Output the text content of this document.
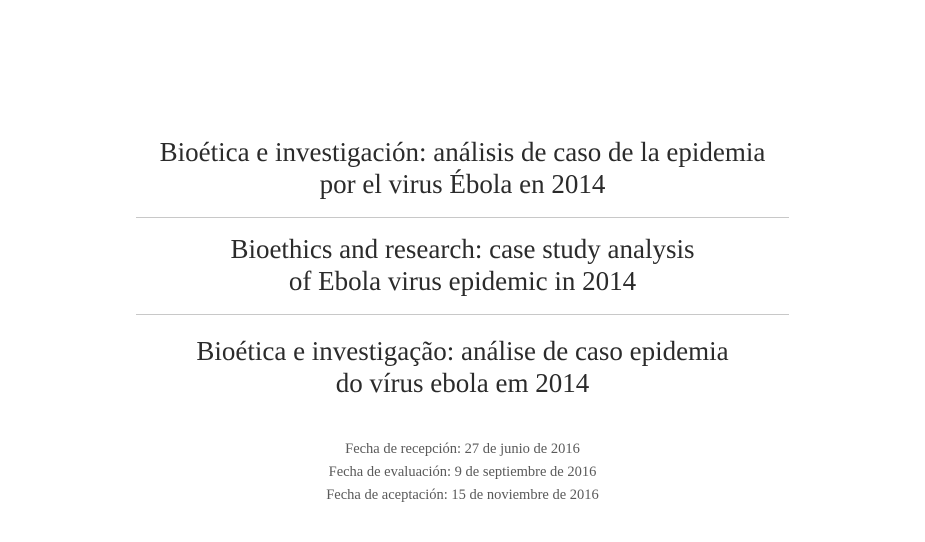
Bioética e investigación: análisis de caso de la epidemia
por el virus Ébola en 2014
Bioethics and research: case study analysis
of Ebola virus epidemic in 2014
Bioética e investigação: análise de caso epidemia
do vírus ebola em 2014
Fecha de recepción: 27 de junio de 2016
Fecha de evaluación: 9 de septiembre de 2016
Fecha de aceptación: 15 de noviembre de 2016
